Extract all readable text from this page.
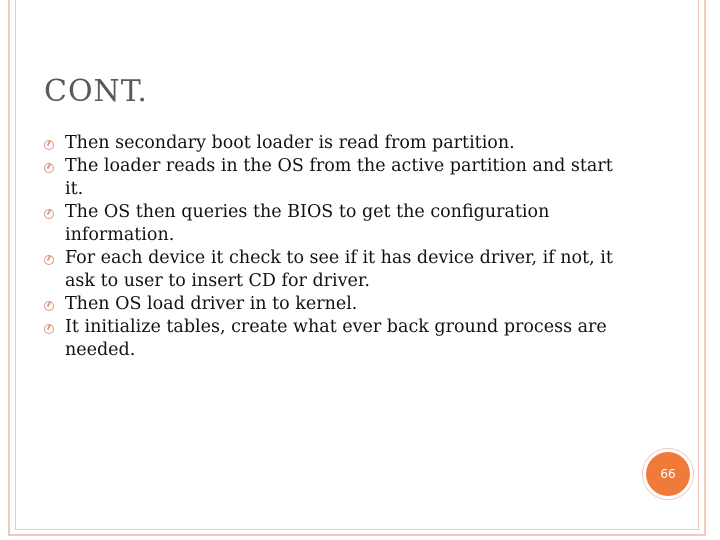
CONT.
Then secondary boot loader is read from partition.
The loader reads in the OS from the active partition and start it.
The OS then queries the BIOS to get the configuration information.
For each device it check to see if it has device driver, if not, it ask to user to insert CD for driver.
Then OS load driver in to kernel.
It initialize tables, create what ever back ground process are needed.
66
